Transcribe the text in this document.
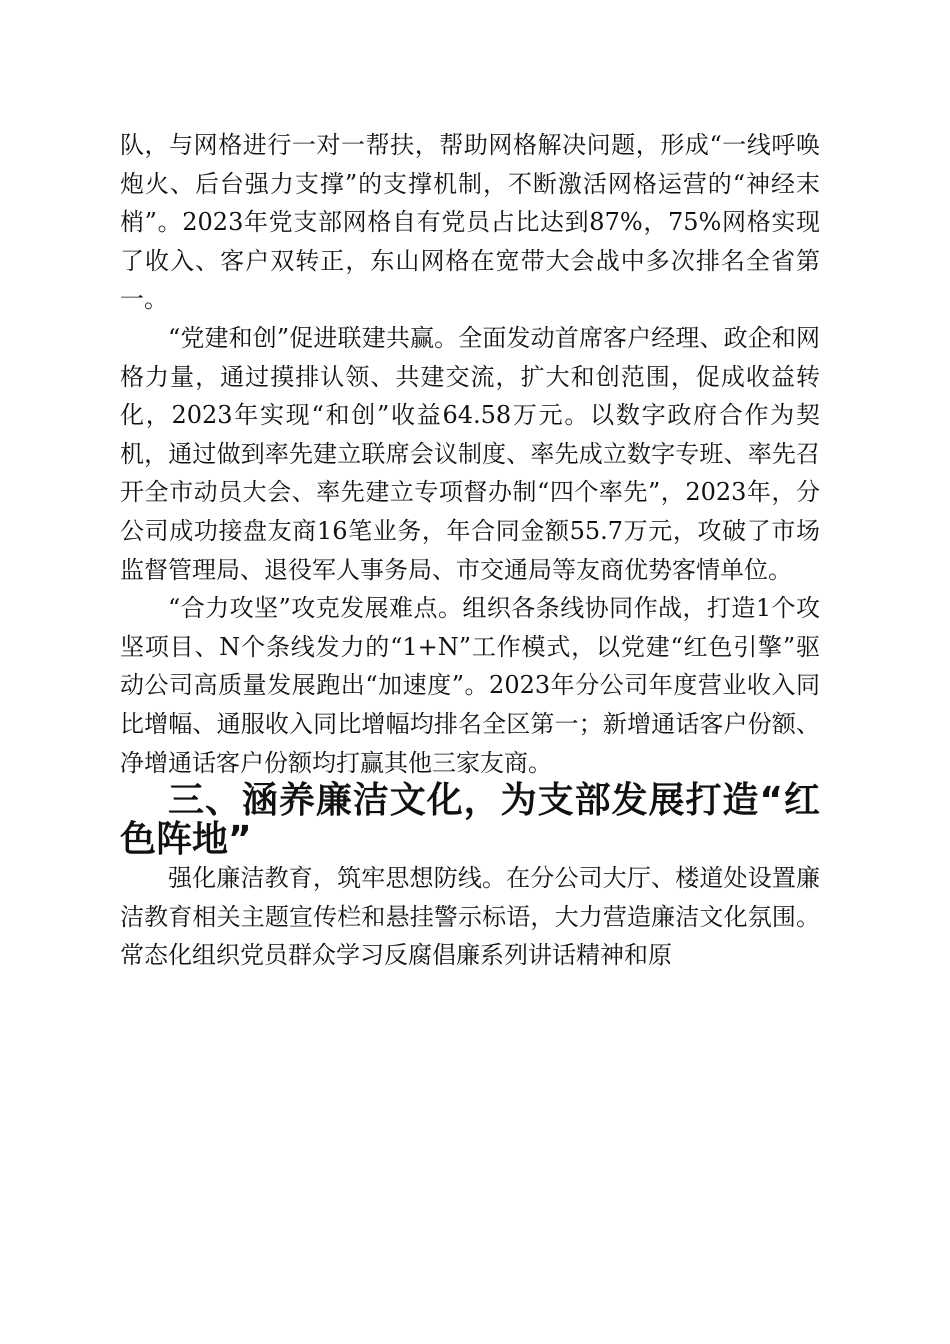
队，与网格进行一对一帮扶，帮助网格解决问题，形成“一线呼唤炮火、后台强力支撑”的支撑机制，不断激活网格运营的“神经末梢”。2023年党支部网格自有党员占比达到87%，75%网格实现了收入、客户双转正，东山网格在宽带大会战中多次排名全省第一。

“党建和创”促进联建共赢。全面发动首席客户经理、政企和网格力量，通过摸排认领、共建交流，扩大和创范围，促成收益转化，2023年实现“和创”收益64.58万元。以数字政府合作为契机，通过做到率先建立联席会议制度、率先成立数字专班、率先召开全市动员大会、率先建立专项督办制“四个率先”，2023年，分公司成功接盘友商16笔业务，年合同金额55.7万元，攻破了市场监督管理局、退役军人事务局、市交通局等友商优势客情单位。

“合力攻坚”攻克发展难点。组织各条线协同作战，打造1个攻坚项目、N个条线发力的“1+N”工作模式，以党建“红色引擎”驱动公司高质量发展跑出“加速度”。2023年分公司年度营业收入同比增幅、通服收入同比增幅均排名全区第一；新增通话客户份额、净增通话客户份额均打赢其他三家友商。

三、涵养廉洁文化，为支部发展打造“红色阵地”

强化廉洁教育，筑牢思想防线。在分公司大厅、楼道处设置廉洁教育相关主题宣传栏和悬挂警示标语，大力营造廉洁文化氛围。常态化组织党员群众学习反腐倡廉系列讲话精神和原
